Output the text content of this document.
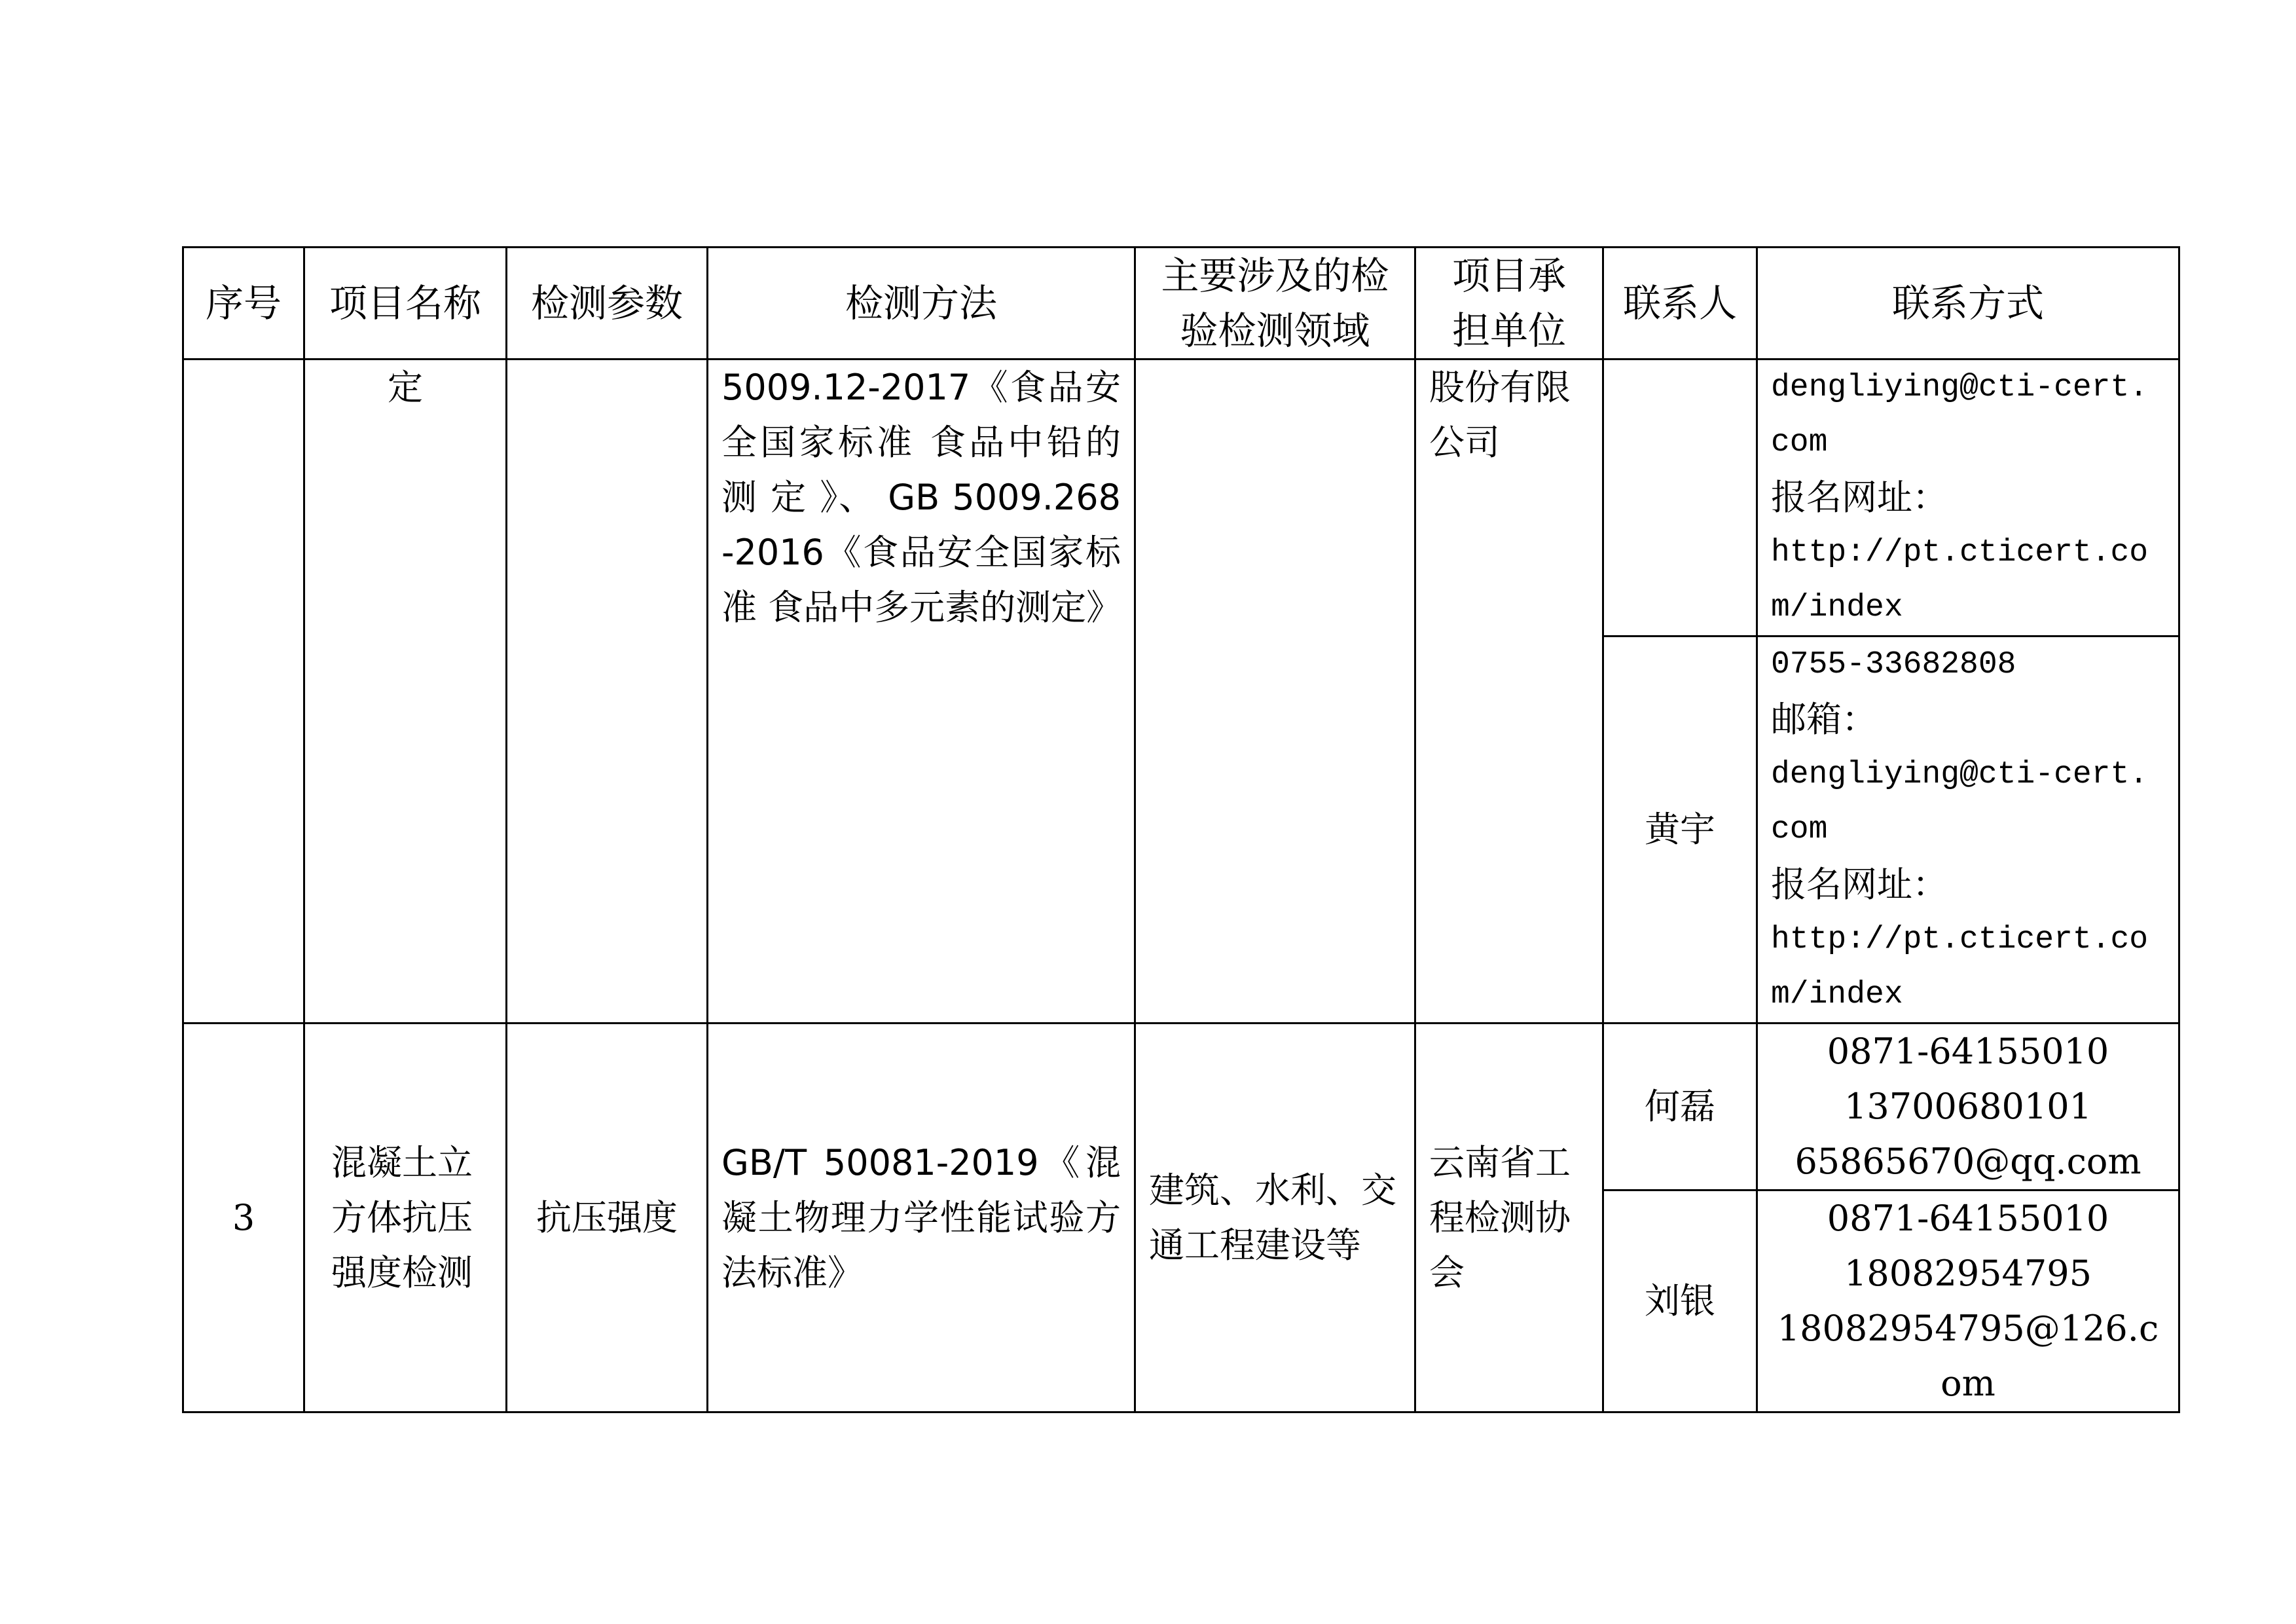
序号	项目名称	检测参数	检测方法	主要涉及的检验检测领域	项目承担单位	联系人	联系方式
	定		5009.12-2017《食品安全国家标准 食品中铅的 测 定 》、 GB 5009.268-2016《食品安全国家标准 食品中多元素的测定》		股份有限公司		dengliying@cti-cert.com
报名网址：
http://pt.cticert.com/index

						黄宇	0755-33682808
邮箱：
dengliying@cti-cert.com
报名网址：
http://pt.cticert.com/index

3	混凝土立方体抗压强度检测	抗压强度	GB/T 50081-2019《混凝土物理力学性能试验方法标准》	建筑、水利、交通工程建设等	云南省工程检测协会	何磊	0871-64155010
13700680101
65865670@qq.com

						刘银	0871-64155010
18082954795
18082954795@126.com
